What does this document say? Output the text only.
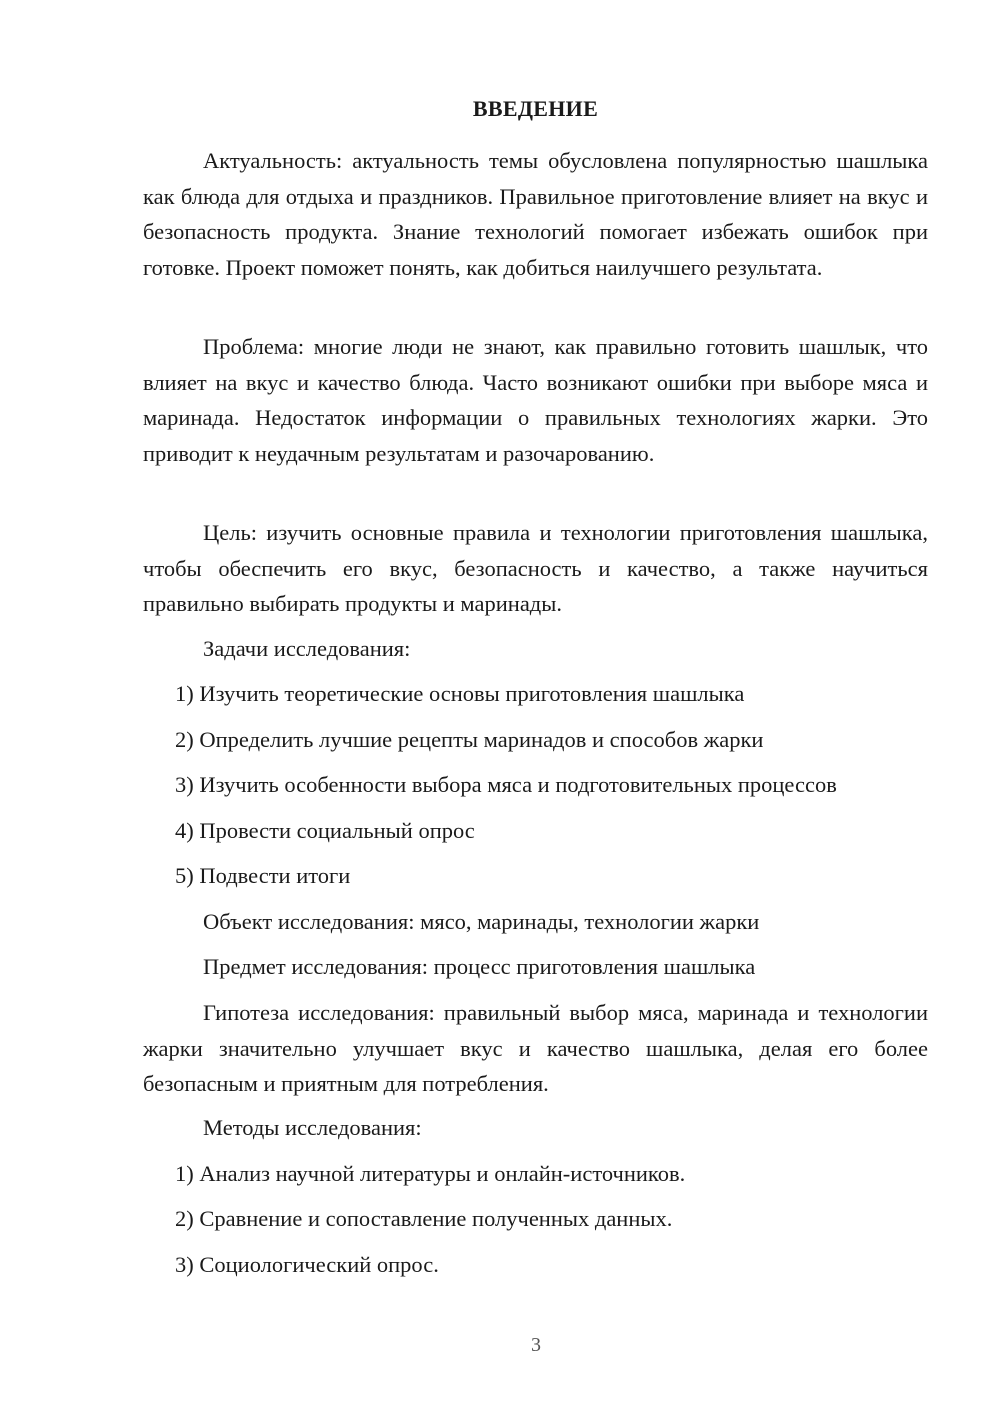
ВВЕДЕНИЕ

Актуальность: актуальность темы обусловлена популярностью шашлыка как блюда для отдыха и праздников. Правильное приготовление влияет на вкус и безопасность продукта. Знание технологий помогает избежать ошибок при готовке. Проект поможет понять, как добиться наилучшего результата.

Проблема: многие люди не знают, как правильно готовить шашлык, что влияет на вкус и качество блюда. Часто возникают ошибки при выборе мяса и маринада. Недостаток информации о правильных технологиях жарки. Это приводит к неудачным результатам и разочарованию.

Цель: изучить основные правила и технологии приготовления шашлыка, чтобы обеспечить его вкус, безопасность и качество, а также научиться правильно выбирать продукты и маринады.

Задачи исследования:
1) Изучить теоретические основы приготовления шашлыка
2) Определить лучшие рецепты маринадов и способов жарки
3) Изучить особенности выбора мяса и подготовительных процессов
4) Провести социальный опрос
5) Подвести итоги
Объект исследования: мясо, маринады, технологии жарки
Предмет исследования: процесс приготовления шашлыка

Гипотеза исследования: правильный выбор мяса, маринада и технологии жарки значительно улучшает вкус и качество шашлыка, делая его более безопасным и приятным для потребления.

Методы исследования:
1) Анализ научной литературы и онлайн-источников.
2) Сравнение и сопоставление полученных данных.
3) Социологический опрос.
3
